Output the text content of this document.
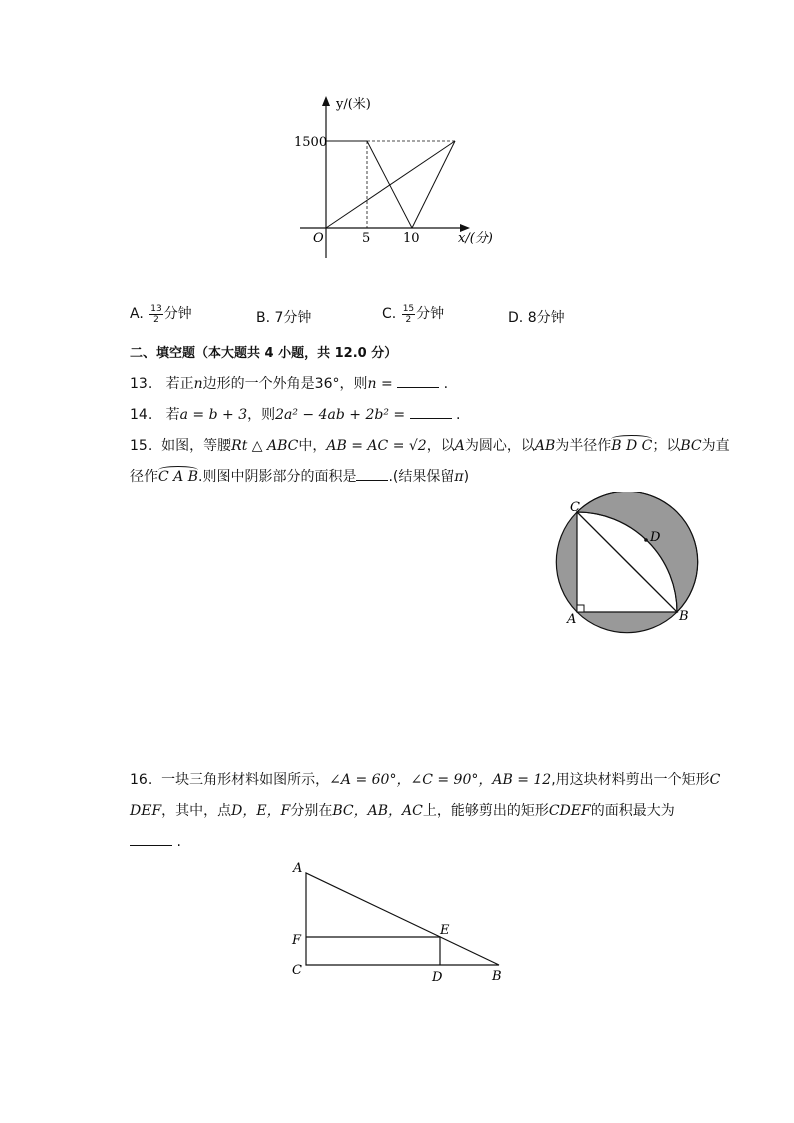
y/(米)
x/(分)
O
1500
5	10
A. $\frac{13}{2}$ 分钟	B. 7分钟	C. $\frac{15}{2}$ 分钟	D. 8分钟
二、填空题（本大题共 4 小题，共 12.0 分）
13. 若正n边形的一个外角是36°，则n =	.
14. 若a = b + 3，则2a² − 4ab + 2b² =	.
15. 如图，等腰Rt △ ABC中，AB = AC = √2，以A为圆心，以AB为半径作B D C；以BC为直
径作C A B.则图中阴影部分的面积是 .(结果保留π)
C
D
A	B
16. 一块三角形材料如图所示，∠A = 60°，∠C = 90°，AB = 12,用这块材料剪出一个矩形C
DEF，其中，点D，E，F分别在BC，AB，AC上，能够剪出的矩形CDEF的面积最大为
.
A
F
C
E
D	B
